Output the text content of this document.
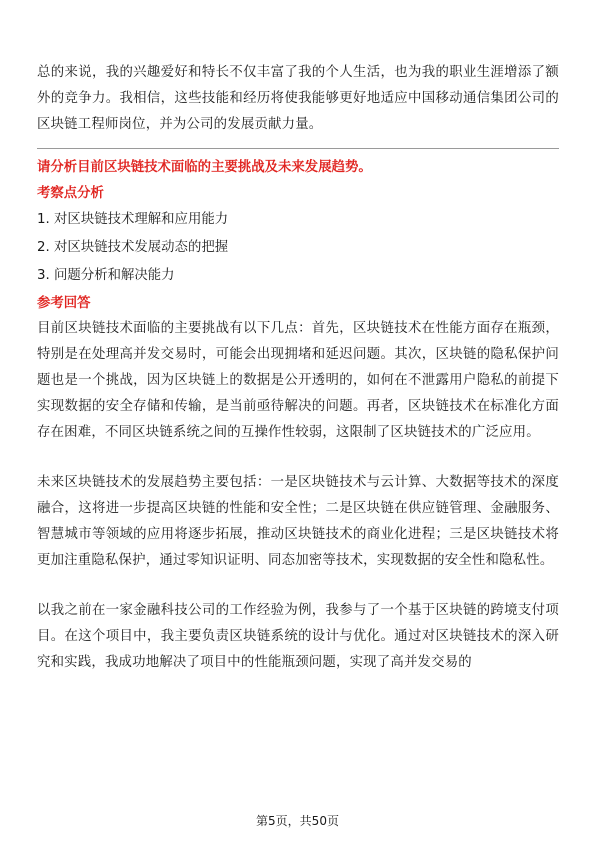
总的来说，我的兴趣爱好和特长不仅丰富了我的个人生活，也为我的职业生涯增添了额外的竞争力。我相信，这些技能和经历将使我能够更好地适应中国移动通信集团公司的区块链工程师岗位，并为公司的发展贡献力量。

请分析目前区块链技术面临的主要挑战及未来发展趋势。

考察点分析

1. 对区块链技术理解和应用能力
2. 对区块链技术发展动态的把握
3. 问题分析和解决能力

参考回答

目前区块链技术面临的主要挑战有以下几点：首先，区块链技术在性能方面存在瓶颈，特别是在处理高并发交易时，可能会出现拥堵和延迟问题。其次，区块链的隐私保护问题也是一个挑战，因为区块链上的数据是公开透明的，如何在不泄露用户隐私的前提下实现数据的安全存储和传输，是当前亟待解决的问题。再者，区块链技术在标准化方面存在困难，不同区块链系统之间的互操作性较弱，这限制了区块链技术的广泛应用。

未来区块链技术的发展趋势主要包括：一是区块链技术与云计算、大数据等技术的深度融合，这将进一步提高区块链的性能和安全性；二是区块链在供应链管理、金融服务、智慧城市等领域的应用将逐步拓展，推动区块链技术的商业化进程；三是区块链技术将更加注重隐私保护，通过零知识证明、同态加密等技术，实现数据的安全性和隐私性。

以我之前在一家金融科技公司的工作经验为例，我参与了一个基于区块链的跨境支付项目。在这个项目中，我主要负责区块链系统的设计与优化。通过对区块链技术的深入研究和实践，我成功地解决了项目中的性能瓶颈问题，实现了高并发交易的

第5页，共50页
